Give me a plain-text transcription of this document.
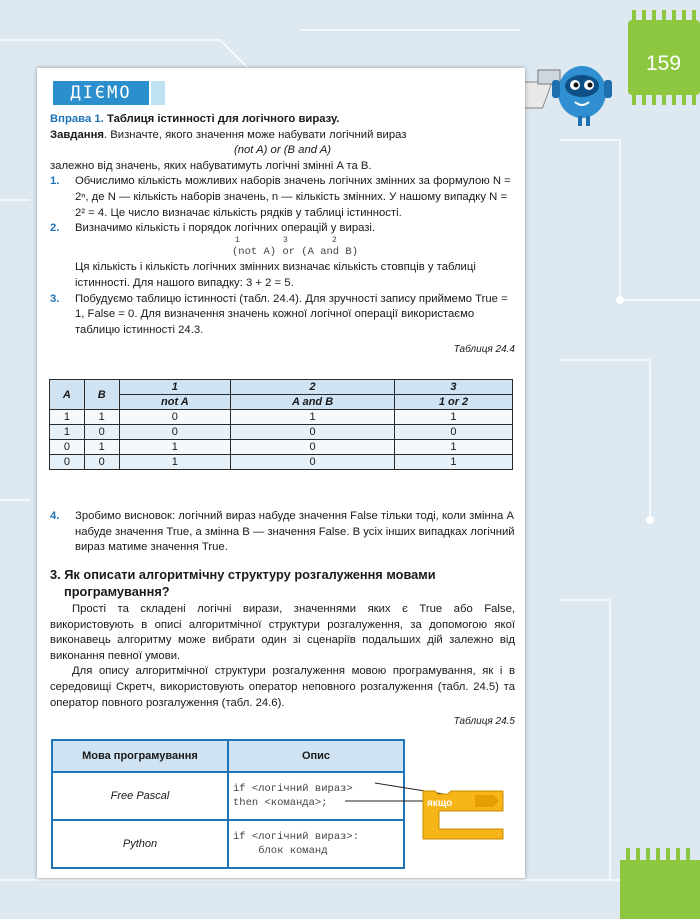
159
ДІЄМО

Вправа 1. Таблиця істинності для логічного виразу.

Завдання. Визначте, якого значення може набувати логічний вираз

(not A) or (B and A)

залежно від значень, яких набуватимуть логічні змінні A та B.

1. Обчислимо кількість можливих наборів значень логічних змінних за формулою N = 2ⁿ, де N — кількість наборів значень, n — кількість змінних. У нашому випадку N = 2² = 4. Це число визначає кількість рядків у таблиці істинності.

2. Визначимо кількість і порядок логічних операцій у виразі.

1	3	2

(not A) or (A and B)

Ця кількість і кількість логічних змінних визначає кількість стовпців у таблиці істинності. Для нашого випадку: 3 + 2 = 5.

3. Побудуємо таблицю істинності (табл. 24.4). Для зручності запису приймемо True = 1, False = 0. Для визначення значень кожної логічної операції використаємо таблицю істинності 24.3.

Таблиця 24.4

A	B	1	2	3
		not A	A and B	1 or 2
1	1	0	1	1
1	0	0	0	0
0	1	1	0	1
0	0	1	0	1
4. Зробимо висновок: логічний вираз набуде значення False тільки тоді, коли змінна A набуде значення True, а змінна B — значення False. В усіх інших випадках логічний вираз матиме значення True.

3. Як описати алгоритмічну структуру розгалуження мовами програмування?

Прості та складені логічні вирази, значеннями яких є True або False, використовують в описі алгоритмічної структури розгалуження, за допомогою якої виконавець алгоритму може вибрати один зі сценаріїв подальших дій залежно від виконання певної умови.

Для опису алгоритмічної структури розгалуження мовою програмування, як і в середовищі Скретч, використовують оператор неповного розгалуження (табл. 24.5) та оператор повного розгалуження (табл. 24.6).

Таблиця 24.5

Мова програмування	Опис
Free Pascal	if <логічний вираз>
then <команда>;

Python	if <логічний вираз>:
блок команд
якщо
